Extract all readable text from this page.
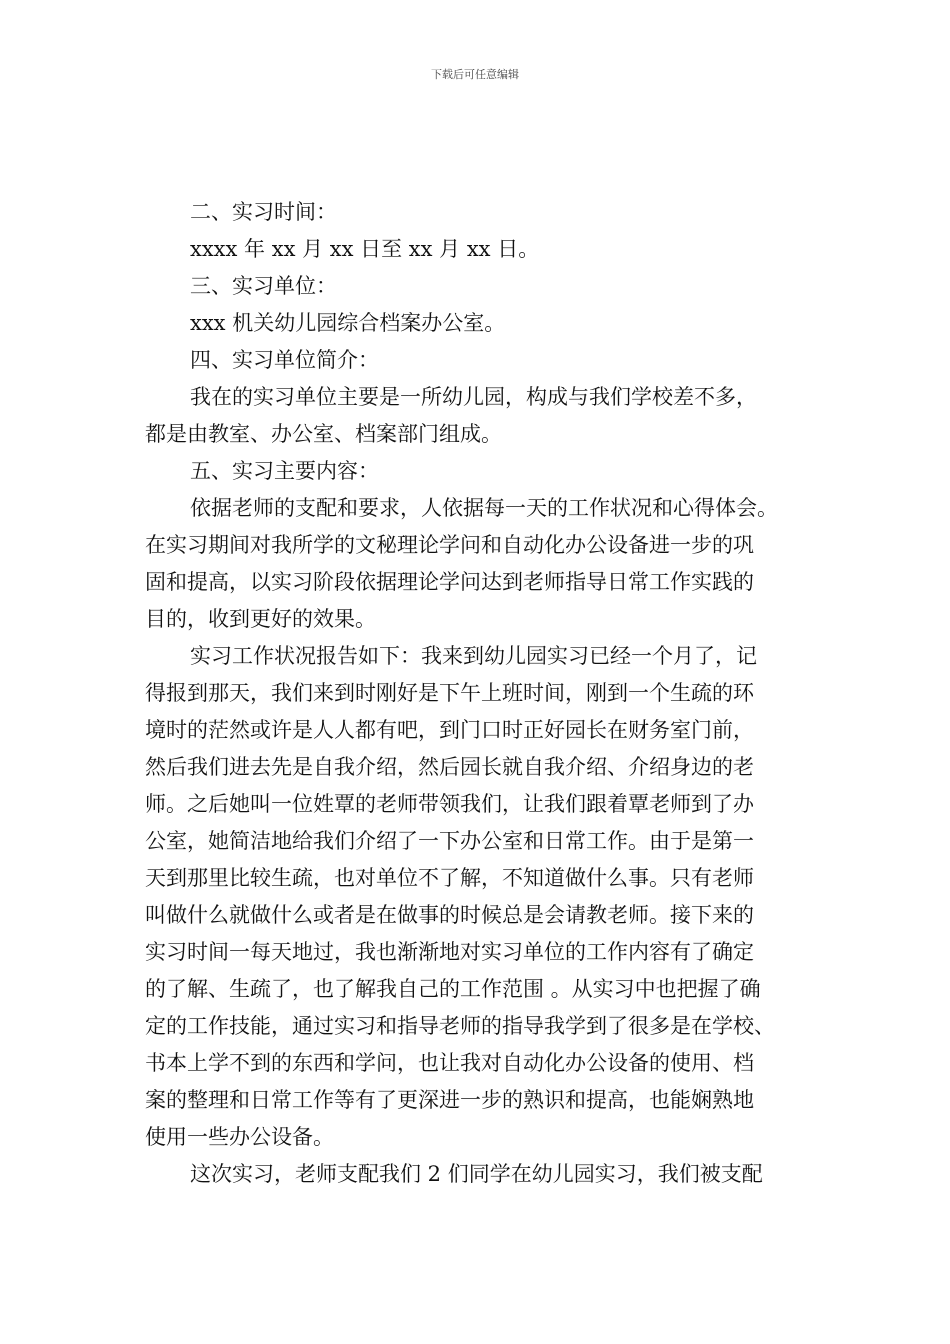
下载后可任意编辑
二、实习时间：
xxxx 年 xx 月 xx 日至 xx 月 xx 日。
三、实习单位：
xxx 机关幼儿园综合档案办公室。
四、实习单位简介：
我在的实习单位主要是一所幼儿园，构成与我们学校差不多，
都是由教室、办公室、档案部门组成。
五、实习主要内容：
依据老师的支配和要求，人依据每一天的工作状况和心得体会。
在实习期间对我所学的文秘理论学问和自动化办公设备进一步的巩
固和提高，以实习阶段依据理论学问达到老师指导日常工作实践的
目的，收到更好的效果。
实习工作状况报告如下：我来到幼儿园实习已经一个月了，记
得报到那天，我们来到时刚好是下午上班时间，刚到一个生疏的环
境时的茫然或许是人人都有吧，到门口时正好园长在财务室门前，
然后我们进去先是自我介绍，然后园长就自我介绍、介绍身边的老
师。之后她叫一位姓覃的老师带领我们，让我们跟着覃老师到了办
公室，她简洁地给我们介绍了一下办公室和日常工作。由于是第一
天到那里比较生疏，也对单位不了解，不知道做什么事。只有老师
叫做什么就做什么或者是在做事的时候总是会请教老师。接下来的
实习时间一每天地过，我也渐渐地对实习单位的工作内容有了确定
的了解、生疏了，也了解我自己的工作范围 。从实习中也把握了确
定的工作技能，通过实习和指导老师的指导我学到了很多是在学校、
书本上学不到的东西和学问，也让我对自动化办公设备的使用、档
案的整理和日常工作等有了更深进一步的熟识和提高，也能娴熟地
使用一些办公设备。
这次实习，老师支配我们 2 们同学在幼儿园实习，我们被支配
